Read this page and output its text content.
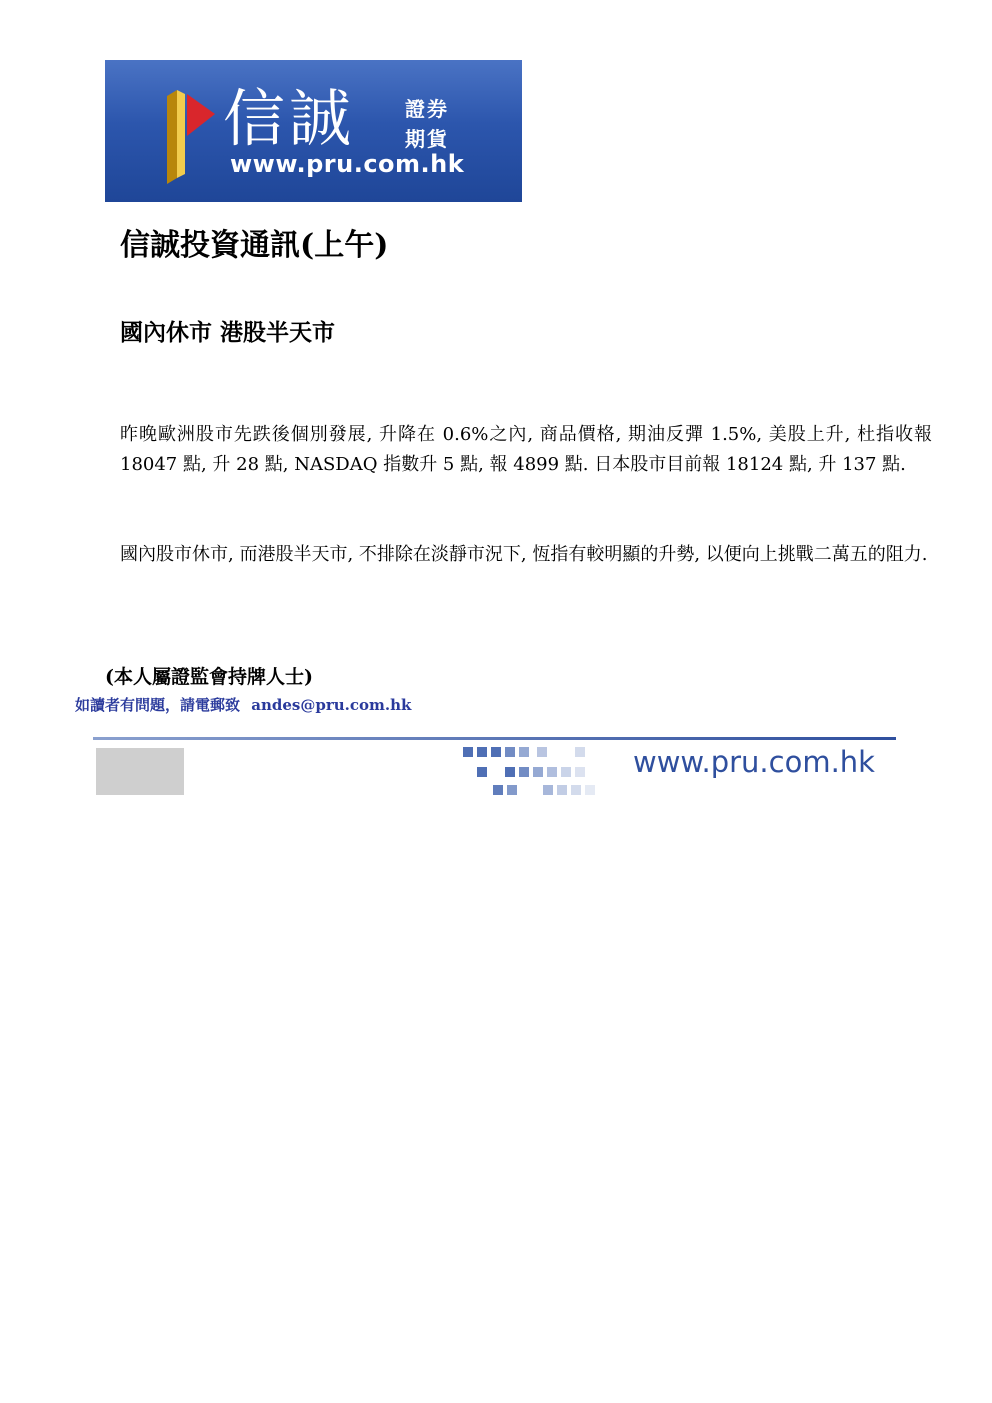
信誠 證券
期貨
www.pru.com.hk
信誠投資通訊(上午)
國內休市 港股半天市

昨晚歐洲股市先跌後個別發展, 升降在 0.6%之內, 商品價格, 期油反彈 1.5%, 美股上升, 杜指收報 18047 點, 升 28 點, NASDAQ 指數升 5 點, 報 4899 點. 日本股市目前報 18124 點, 升 137 點.

國內股市休市, 而港股半天市, 不排除在淡靜市況下, 恆指有較明顯的升勢, 以便向上挑戰二萬五的阻力.

(本人屬證監會持牌人士)

如讀者有問題，請電郵致 andes@pru.com.hk

www.pru.com.hk
